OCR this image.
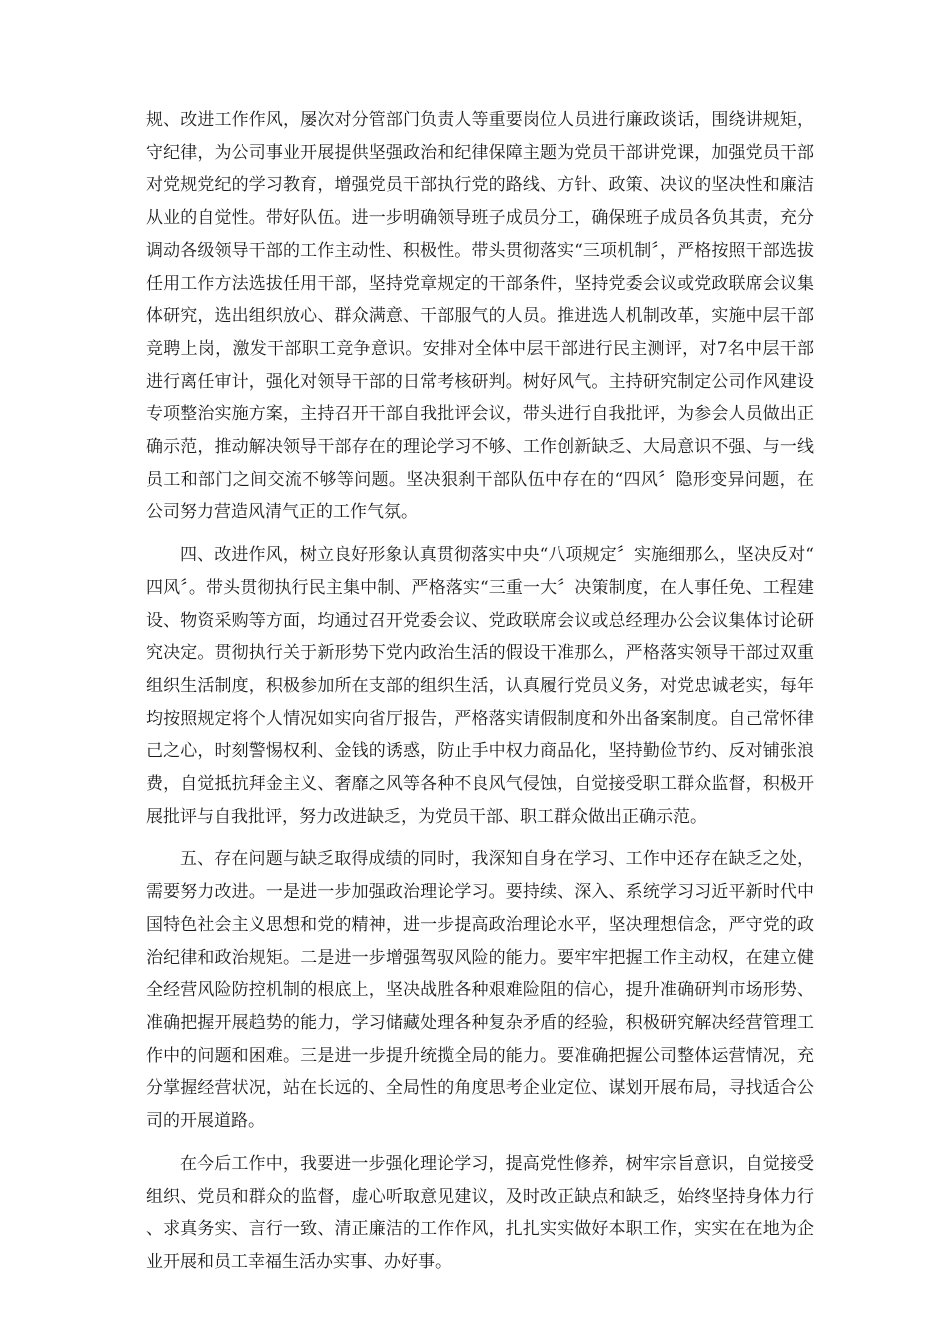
规、改进工作作风，屡次对分管部门负责人等重要岗位人员进行廉政谈话，围绕讲规矩，守纪律，为公司事业开展提供坚强政治和纪律保障主题为党员干部讲党课，加强党员干部对党规党纪的学习教育，增强党员干部执行党的路线、方针、政策、决议的坚决性和廉洁从业的自觉性。带好队伍。进一步明确领导班子成员分工，确保班子成员各负其责，充分调动各级领导干部的工作主动性、积极性。带头贯彻落实“三项机制〞，严格按照干部选拔任用工作方法选拔任用干部，坚持党章规定的干部条件，坚持党委会议或党政联席会议集体研究，选出组织放心、群众满意、干部服气的人员。推进选人机制改革，实施中层干部竞聘上岗，激发干部职工竞争意识。安排对全体中层干部进行民主测评，对7名中层干部进行离任审计，强化对领导干部的日常考核研判。树好风气。主持研究制定公司作风建设专项整治实施方案，主持召开干部自我批评会议，带头进行自我批评，为参会人员做出正确示范，推动解决领导干部存在的理论学习不够、工作创新缺乏、大局意识不强、与一线员工和部门之间交流不够等问题。坚决狠刹干部队伍中存在的“四风〞隐形变异问题，在公司努力营造风清气正的工作气氛。

四、改进作风，树立良好形象认真贯彻落实中央“八项规定〞实施细那么，坚决反对“四风〞。带头贯彻执行民主集中制、严格落实“三重一大〞决策制度，在人事任免、工程建设、物资采购等方面，均通过召开党委会议、党政联席会议或总经理办公会议集体讨论研究决定。贯彻执行关于新形势下党内政治生活的假设干准那么，严格落实领导干部过双重组织生活制度，积极参加所在支部的组织生活，认真履行党员义务，对党忠诚老实，每年均按照规定将个人情况如实向省厅报告，严格落实请假制度和外出备案制度。自己常怀律己之心，时刻警惕权利、金钱的诱惑，防止手中权力商品化，坚持勤俭节约、反对铺张浪费，自觉抵抗拜金主义、奢靡之风等各种不良风气侵蚀，自觉接受职工群众监督，积极开展批评与自我批评，努力改进缺乏，为党员干部、职工群众做出正确示范。

五、存在问题与缺乏取得成绩的同时，我深知自身在学习、工作中还存在缺乏之处，需要努力改进。一是进一步加强政治理论学习。要持续、深入、系统学习习近平新时代中国特色社会主义思想和党的精神，进一步提高政治理论水平，坚决理想信念，严守党的政治纪律和政治规矩。二是进一步增强驾驭风险的能力。要牢牢把握工作主动权，在建立健全经营风险防控机制的根底上，坚决战胜各种艰难险阻的信心，提升准确研判市场形势、准确把握开展趋势的能力，学习储藏处理各种复杂矛盾的经验，积极研究解决经营管理工作中的问题和困难。三是进一步提升统揽全局的能力。要准确把握公司整体运营情况，充分掌握经营状况，站在长远的、全局性的角度思考企业定位、谋划开展布局，寻找适合公司的开展道路。

在今后工作中，我要进一步强化理论学习，提高党性修养，树牢宗旨意识，自觉接受组织、党员和群众的监督，虚心听取意见建议，及时改正缺点和缺乏，始终坚持身体力行、求真务实、言行一致、清正廉洁的工作作风，扎扎实实做好本职工作，实实在在地为企业开展和员工幸福生活办实事、办好事。
